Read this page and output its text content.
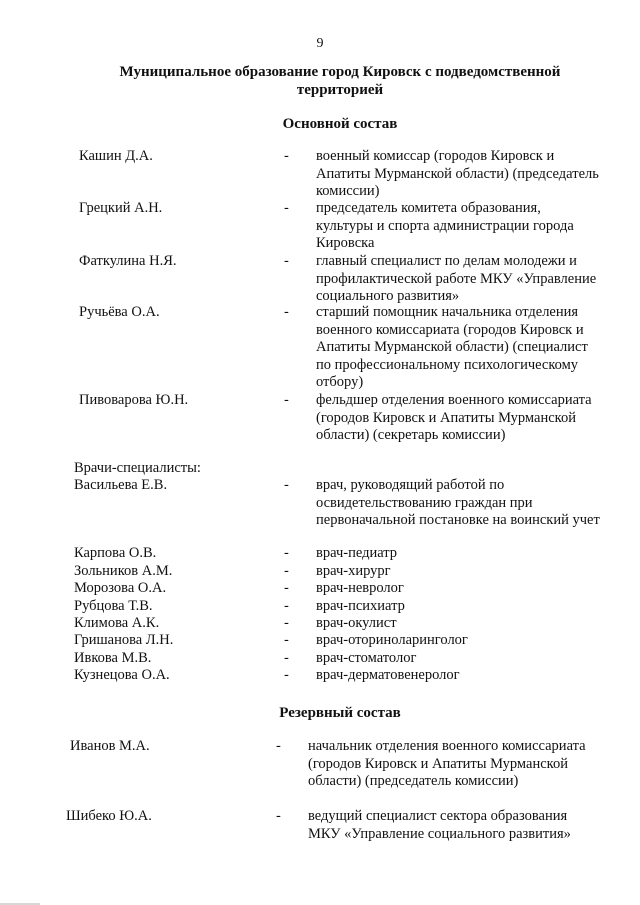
9
Муниципальное образование город Кировск с подведомственной территорией
Основной состав
Кашин Д.А.	- военный комиссар (городов Кировск и Апатиты Мурманской области) (председатель комиссии)
Грецкий А.Н.	- председатель комитета образования, культуры и спорта администрации города Кировска
Фаткулина Н.Я.	- главный специалист по делам молодежи и профилактической работе МКУ «Управление социального развития»
Ручьёва О.А.	- старший помощник начальника отделения военного комиссариата (городов Кировск и Апатиты Мурманской области) (специалист по профессиональному психологическому отбору)
Пивоварова Ю.Н.	- фельдшер отделения военного комиссариата (городов Кировск и Апатиты Мурманской области) (секретарь комиссии)
Врачи-специалисты:
Васильева Е.В.	- врач, руководящий работой по освидетельствованию граждан при первоначальной постановке на воинский учет
Карпова О.В.	- врач-педиатр
Зольников А.М.	- врач-хирург
Морозова О.А.	- врач-невролог
Рубцова Т.В.	- врач-психиатр
Климова А.К.	- врач-окулист
Гришанова Л.Н.	- врач-оториноларинголог
Ивкова М.В.	- врач-стоматолог
Кузнецова О.А.	- врач-дерматовенеролог
Резервный состав
Иванов М.А.	- начальник отделения военного комиссариата (городов Кировск и Апатиты Мурманской области) (председатель комиссии)
Шибеко Ю.А.	- ведущий специалист сектора образования МКУ «Управление социального развития»
